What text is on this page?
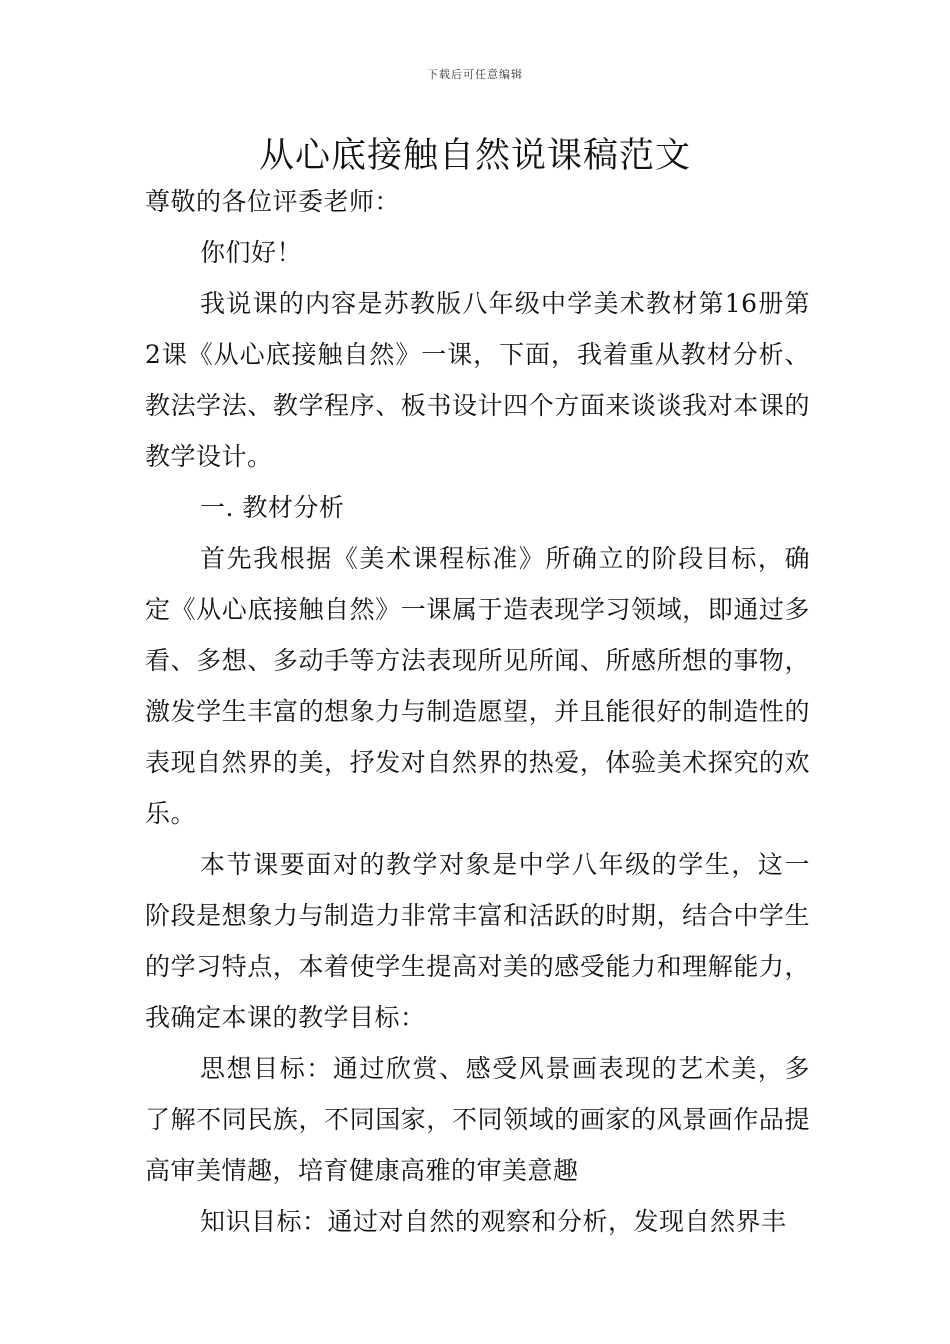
下载后可任意编辑
从心底接触自然说课稿范文

尊敬的各位评委老师：

你们好！

我说课的内容是苏教版八年级中学美术教材第16册第2课《从心底接触自然》一课，下面，我着重从教材分析、教法学法、教学程序、板书设计四个方面来谈谈我对本课的教学设计。

一. 教材分析

首先我根据《美术课程标准》所确立的阶段目标，确定《从心底接触自然》一课属于造表现学习领域，即通过多看、多想、多动手等方法表现所见所闻、所感所想的事物，激发学生丰富的想象力与制造愿望，并且能很好的制造性的表现自然界的美，抒发对自然界的热爱，体验美术探究的欢乐。

本节课要面对的教学对象是中学八年级的学生，这一阶段是想象力与制造力非常丰富和活跃的时期，结合中学生的学习特点，本着使学生提高对美的感受能力和理解能力，我确定本课的教学目标：

思想目标：通过欣赏、感受风景画表现的艺术美，多了解不同民族，不同国家，不同领域的画家的风景画作品提高审美情趣，培育健康高雅的审美意趣

知识目标：通过对自然的观察和分析，发现自然界丰
